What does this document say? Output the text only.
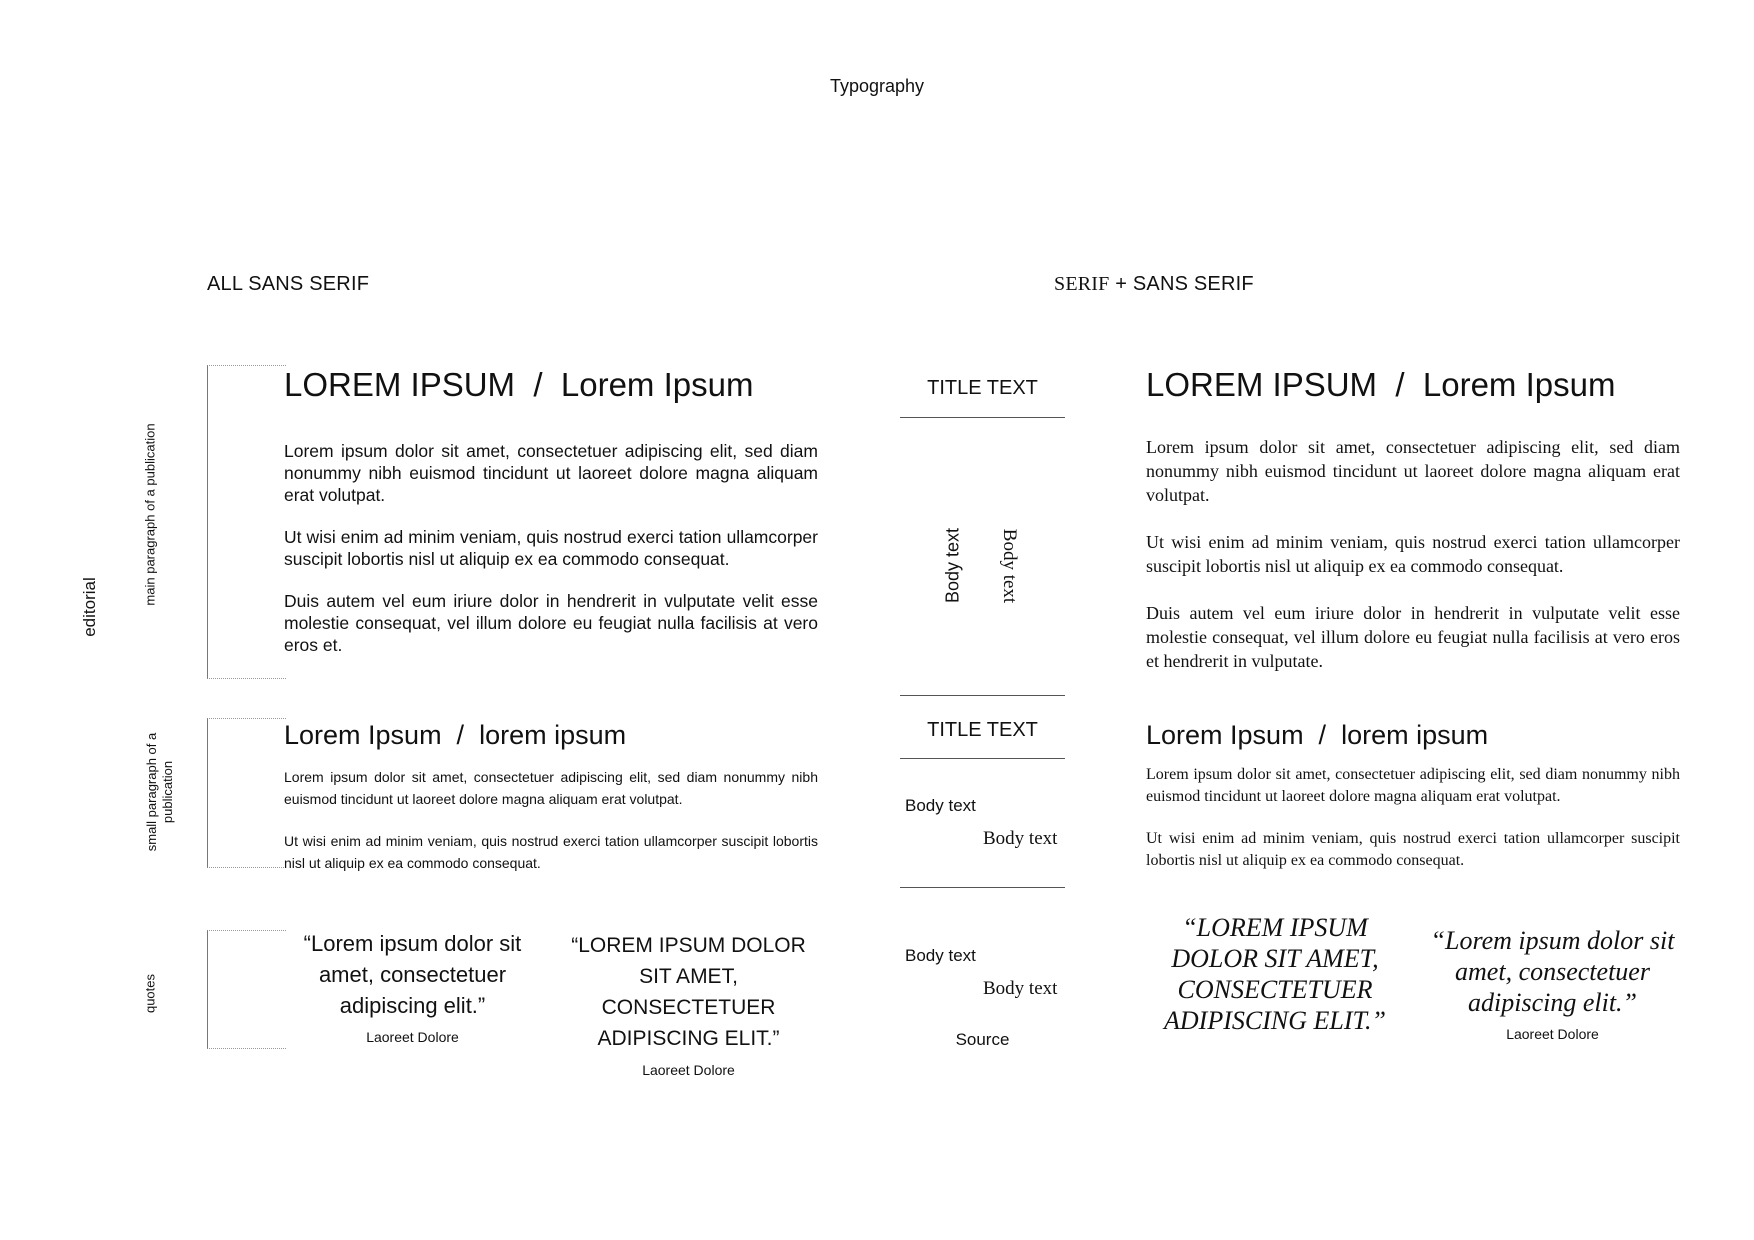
Typography
editorial
ALL SANS SERIF	SERIF + SANS SERIF
main paragraph of a publication
small paragraph of a publication
quotes
LOREM IPSUM  /  Lorem Ipsum

Lorem ipsum dolor sit amet, consectetuer adipiscing elit, sed diam nonummy nibh euismod tincidunt ut laoreet dolore magna aliquam erat volutpat.

Ut wisi enim ad minim veniam, quis nostrud exerci tation ullamcorper suscipit lobortis nisl ut aliquip ex ea commodo consequat.

Duis autem vel eum iriure dolor in hendrerit in vulputate velit esse molestie consequat, vel illum dolore eu feugiat nulla facilisis at vero eros et.

Lorem Ipsum  /  lorem ipsum

Lorem ipsum dolor sit amet, consectetuer adipiscing elit, sed diam nonummy nibh euismod tincidunt ut laoreet dolore magna aliquam erat volutpat.

Ut wisi enim ad minim veniam, quis nostrud exerci tation ullamcorper suscipit lobortis nisl ut aliquip ex ea commodo consequat.

“Lorem ipsum dolor sit amet, consectetuer adipiscing elit.”
Laoreet Dolore
“LOREM IPSUM DOLOR SIT AMET, CONSECTETUER ADIPISCING ELIT.”
Laoreet Dolore
TITLE TEXT
Body text Body text
TITLE TEXT
Body text
Body text
Body text
Body text
Source
LOREM IPSUM  /  Lorem Ipsum

Lorem ipsum dolor sit amet, consectetuer adipiscing elit, sed diam nonummy nibh euismod tincidunt ut laoreet dolore magna aliquam erat volutpat.

Ut wisi enim ad minim veniam, quis nostrud exerci tation ullamcorper suscipit lobortis nisl ut aliquip ex ea commodo consequat.

Duis autem vel eum iriure dolor in hendrerit in vulputate velit esse molestie consequat, vel illum dolore eu feugiat nulla facilisis at vero eros et hendrerit in vulputate.

Lorem Ipsum  /  lorem ipsum

Lorem ipsum dolor sit amet, consectetuer adipiscing elit, sed diam nonummy nibh euismod tincidunt ut laoreet dolore magna aliquam erat volutpat.

Ut wisi enim ad minim veniam, quis nostrud exerci tation ullamcorper suscipit lobortis nisl ut aliquip ex ea commodo consequat.

“LOREM IPSUM DOLOR SIT AMET, CONSECTETUER ADIPISCING ELIT.”
“Lorem ipsum dolor sit amet, consectetuer adipiscing elit.”
Laoreet Dolore
